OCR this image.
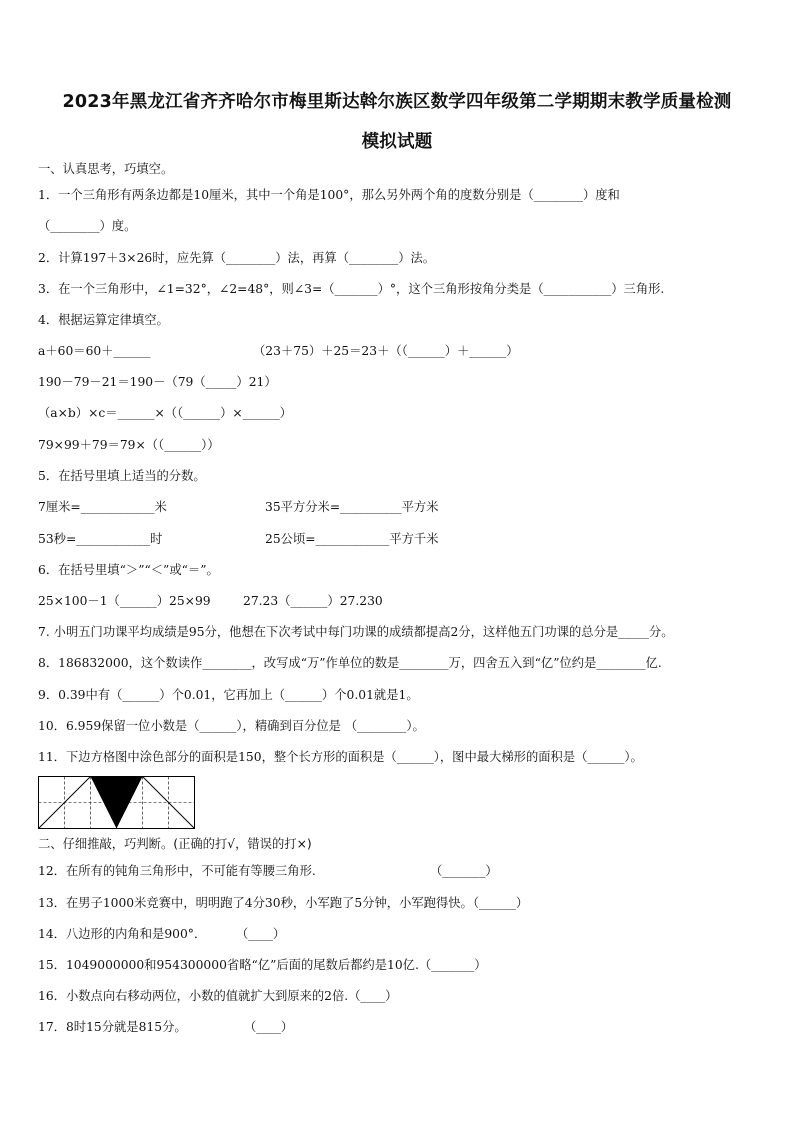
2023年黑龙江省齐齐哈尔市梅里斯达斡尔族区数学四年级第二学期期末教学质量检测
模拟试题
一、认真思考，巧填空。
1．一个三角形有两条边都是10厘米，其中一个角是100°，那么另外两个角的度数分别是（________）度和
（________）度。
2．计算197＋3×26时，应先算（________）法，再算（________）法。
3．在一个三角形中，∠1=32°，∠2=48°，则∠3=（_______）°，这个三角形按角分类是（___________）三角形.
4．根据运算定律填空。
a＋60＝60＋______	（23＋75）＋25＝23＋（（______）＋______）
190－79－21＝190－（79（_____）21）
（a×b）×c＝______×（（______）×______）
79×99＋79＝79×（（______））
5．在括号里填上适当的分数。
7厘米=____________米	35平方分米=__________平方米
53秒=____________时	25公顷=____________平方千米
6．在括号里填“＞”“＜”或“＝”。
25×100－1（______）25×99	27.23（______）27.230
7. 小明五门功课平均成绩是95分，他想在下次考试中每门功课的成绩都提高2分，这样他五门功课的总分是_____分。
8．186832000，这个数读作________，改写成“万”作单位的数是________万，四舍五入到“亿”位约是________亿.
9．0.39中有（______）个0.01，它再加上（______）个0.01就是1。
10．6.959保留一位小数是（______），精确到百分位是 （________）。
11．下边方格图中涂色部分的面积是150，整个长方形的面积是（______），图中最大梯形的面积是（______）。
二、仔细推敲，巧判断。(正确的打√，错误的打×)
12．在所有的钝角三角形中，不可能有等腰三角形.	（_______）
13．在男子1000米竞赛中，明明跑了4分30秒，小军跑了5分钟，小军跑得快。（______）
14．八边形的内角和是900°． （____）
15．1049000000和954300000省略“亿”后面的尾数后都约是10亿.（_______）
16．小数点向右移动两位，小数的值就扩大到原来的2倍.（____）
17．8时15分就是815分。	（____）
